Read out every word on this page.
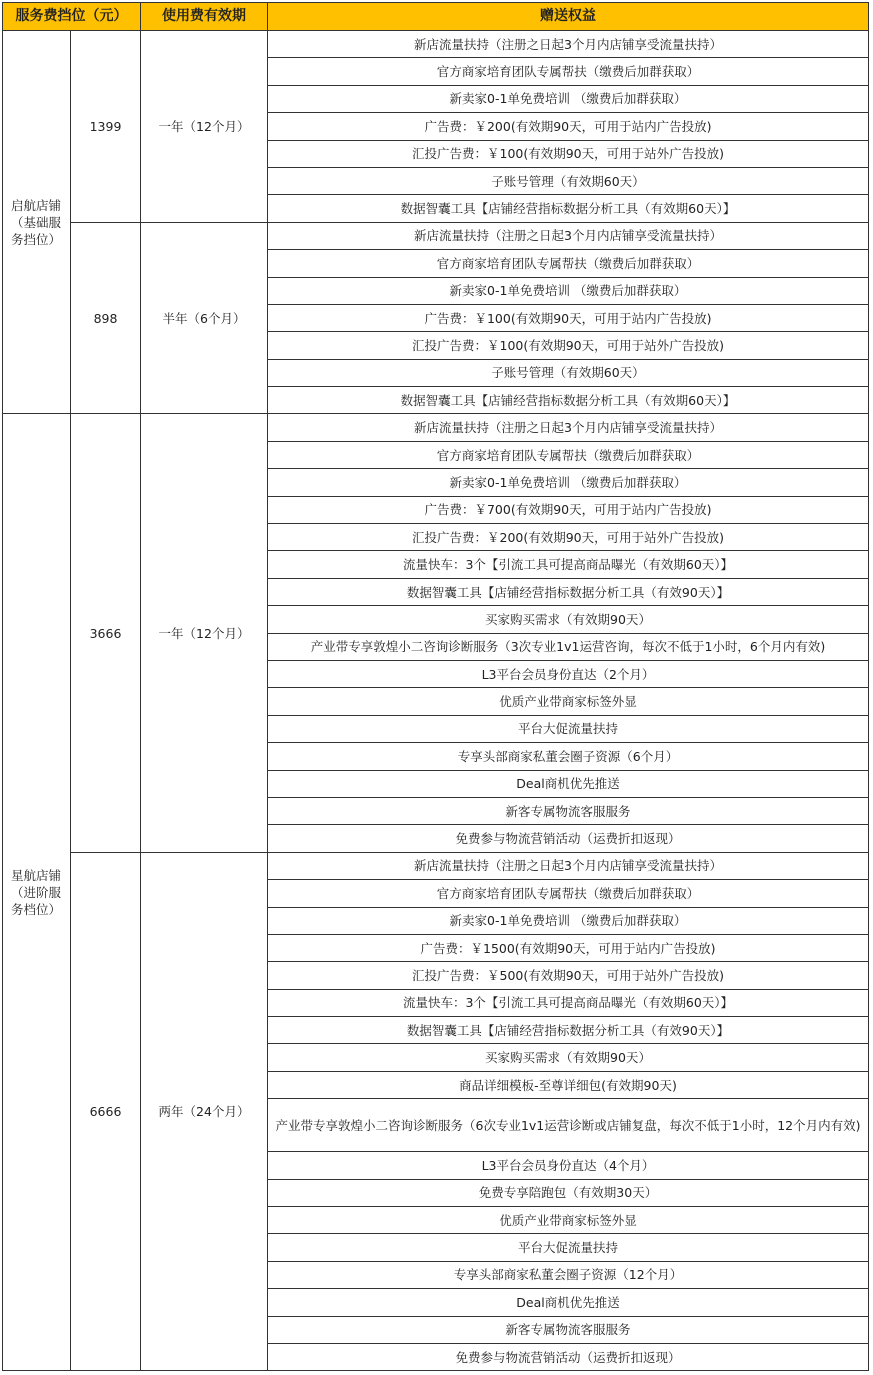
服务费挡位（元）		使用费有效期	赠送权益
启航店铺（基础服务挡位）	1399	一年（12个月）	新店流量扶持（注册之日起3个月内店铺享受流量扶持）
			官方商家培育团队专属帮扶（缴费后加群获取）
			新卖家0-1单免费培训 （缴费后加群获取）
			广告费：￥200(有效期90天，可用于站内广告投放)
			汇投广告费：￥100(有效期90天，可用于站外广告投放)
			子账号管理（有效期60天）
			数据智囊工具【店铺经营指标数据分析工具（有效期60天）】
	898	半年（6个月）	新店流量扶持（注册之日起3个月内店铺享受流量扶持）
			官方商家培育团队专属帮扶（缴费后加群获取）
			新卖家0-1单免费培训 （缴费后加群获取）
			广告费：￥100(有效期90天，可用于站内广告投放)
			汇投广告费：￥100(有效期90天，可用于站外广告投放)
			子账号管理（有效期60天）
			数据智囊工具【店铺经营指标数据分析工具（有效期60天）】
星航店铺（进阶服务档位）	3666	一年（12个月）	新店流量扶持（注册之日起3个月内店铺享受流量扶持）
			官方商家培育团队专属帮扶（缴费后加群获取）
			新卖家0-1单免费培训 （缴费后加群获取）
			广告费：￥700(有效期90天，可用于站内广告投放)
			汇投广告费：￥200(有效期90天，可用于站外广告投放)
			流量快车：3个【引流工具可提高商品曝光（有效期60天）】
			数据智囊工具【店铺经营指标数据分析工具（有效90天）】
			买家购买需求（有效期90天）
			产业带专享敦煌小二咨询诊断服务（3次专业1v1运营咨询，每次不低于1小时，6个月内有效)
			L3平台会员身份直达（2个月）
			优质产业带商家标签外显
			平台大促流量扶持
			专享头部商家私董会圈子资源（6个月）
			Deal商机优先推送
			新客专属物流客服服务
			免费参与物流营销活动（运费折扣返现）
	6666	两年（24个月）	新店流量扶持（注册之日起3个月内店铺享受流量扶持）
			官方商家培育团队专属帮扶（缴费后加群获取）
			新卖家0-1单免费培训 （缴费后加群获取）
			广告费：￥1500(有效期90天，可用于站内广告投放)
			汇投广告费：￥500(有效期90天，可用于站外广告投放)
			流量快车：3个【引流工具可提高商品曝光（有效期60天）】
			数据智囊工具【店铺经营指标数据分析工具（有效90天）】
			买家购买需求（有效期90天）
			商品详细模板-至尊详细包(有效期90天)
			产业带专享敦煌小二咨询诊断服务（6次专业1v1运营诊断或店铺复盘，每次不低于1小时，12个月内有效)
			L3平台会员身份直达（4个月）
			免费专享陪跑包（有效期30天）
			优质产业带商家标签外显
			平台大促流量扶持
			专享头部商家私董会圈子资源（12个月）
			Deal商机优先推送
			新客专属物流客服服务
			免费参与物流营销活动（运费折扣返现）
